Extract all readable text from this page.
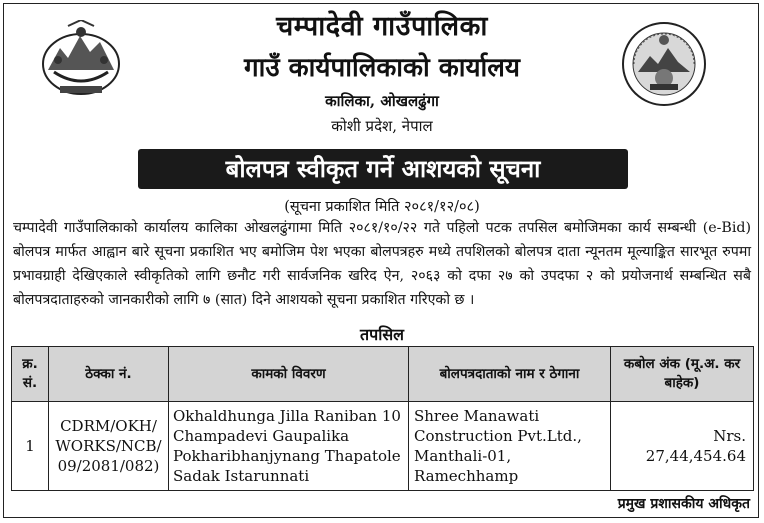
चम्पादेवी गाउँपालिका
गाउँ कार्यपालिकाको कार्यालय
कालिका, ओखलढुंगा
कोशी प्रदेश, नेपाल
बोलपत्र स्वीकृत गर्ने आशयको सूचना
(सूचना प्रकाशित मिति २०८१/१२/०८)
चम्पादेवी गाउँपालिकाको कार्यालय कालिका ओखलढुंगामा मिति २०८१/१०/२२ गते पहिलो पटक तपसिल बमोजिमका कार्य सम्बन्धी (e-Bid) बोलपत्र मार्फत आह्वान बारे सूचना प्रकाशित भए बमोजिम पेश भएका बोलपत्रहरु मध्ये तपशिलको बोलपत्र दाता न्यूनतम मूल्याङ्कित सारभूत रुपमा प्रभावग्राही देखिएकाले स्वीकृतिको लागि छनौट गरी सार्वजनिक खरिद ऐन, २०६३ को दफा २७ को उपदफा २ को प्रयोजनार्थ सम्बन्धित सबै बोलपत्रदाताहरुको जानकारीको लागि ७ (सात) दिने आशयको सूचना प्रकाशित गरिएको छ ।
तपसिल
क्र. सं.	ठेक्का नं.	कामको विवरण	बोलपत्रदाताको नाम र ठेगाना	कबोल अंक (मू.अ. कर बाहेक)
1	CDRM/OKH/ WORKS/NCB/ 09/2081/082)	Okhaldhunga Jilla Raniban 10 Champadevi Gaupalika Pokharibhanjynang Thapatole Sadak Istarunnati	Shree Manawati Construction Pvt.Ltd., Manthali-01, Ramechhamp	Nrs. 27,44,454.64
प्रमुख प्रशासकीय अधिकृत
